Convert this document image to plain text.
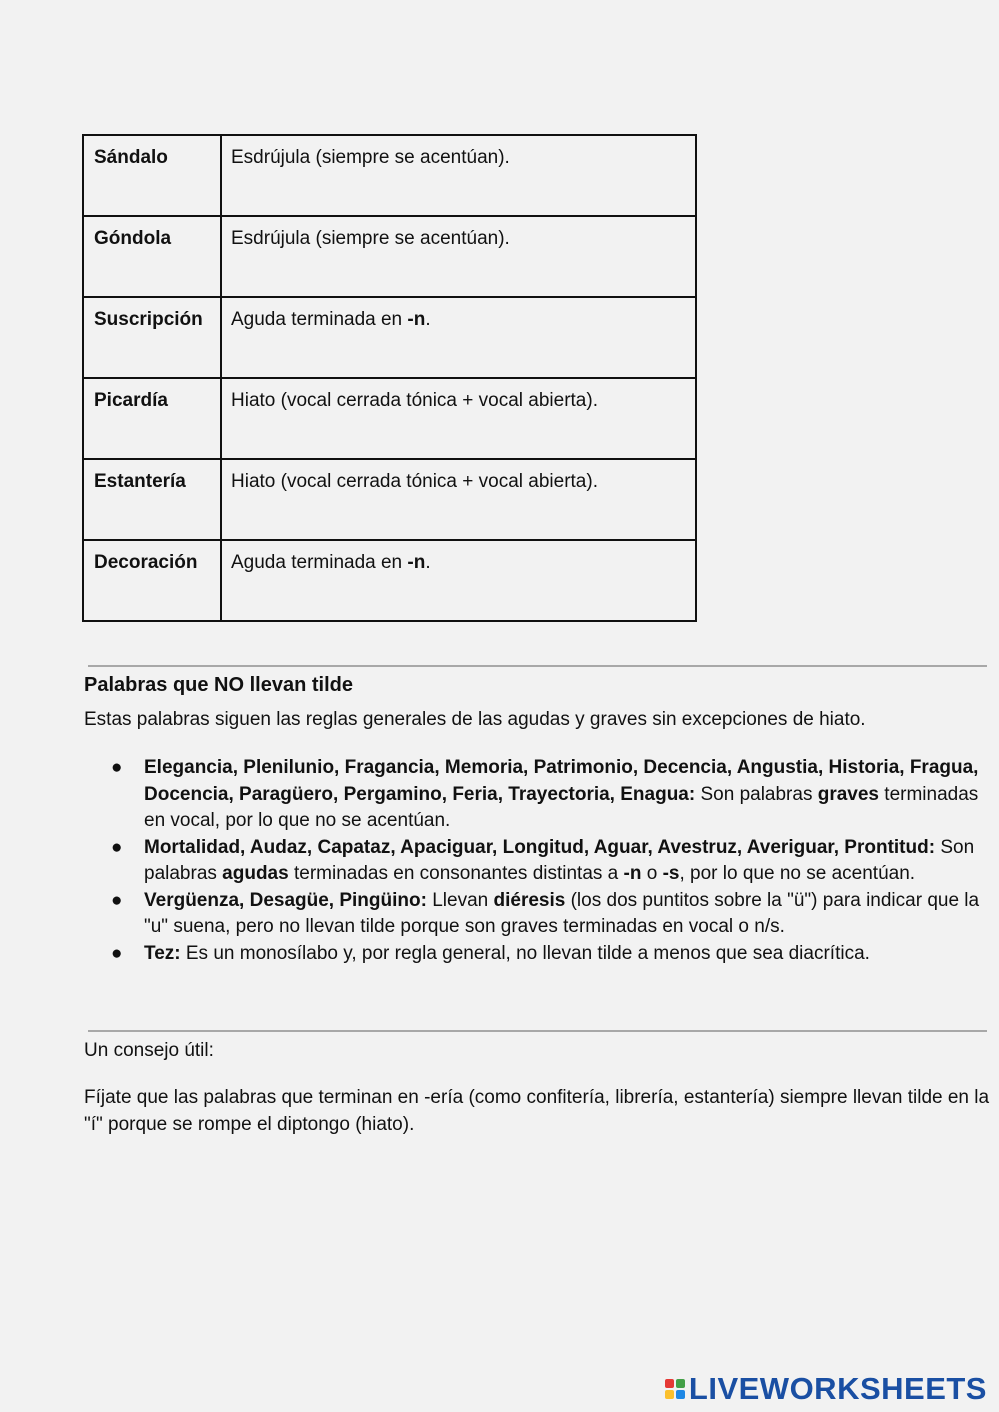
Sándalo	Esdrújula (siempre se acentúan).
Góndola	Esdrújula (siempre se acentúan).
Suscripción	Aguda terminada en -n.
Picardía	Hiato (vocal cerrada tónica + vocal abierta).
Estantería	Hiato (vocal cerrada tónica + vocal abierta).
Decoración	Aguda terminada en -n.
Palabras que NO llevan tilde
Estas palabras siguen las reglas generales de las agudas y graves sin excepciones de hiato.
● Elegancia, Plenilunio, Fragancia, Memoria, Patrimonio, Decencia, Angustia, Historia, Fragua, Docencia, Paragüero, Pergamino, Feria, Trayectoria, Enagua: Son palabras graves terminadas en vocal, por lo que no se acentúan.
● Mortalidad, Audaz, Capataz, Apaciguar, Longitud, Aguar, Avestruz, Averiguar, Prontitud: Son palabras agudas terminadas en consonantes distintas a -n o -s, por lo que no se acentúan.
● Vergüenza, Desagüe, Pingüino: Llevan diéresis (los dos puntitos sobre la "ü") para indicar que la "u" suena, pero no llevan tilde porque son graves terminadas en vocal o n/s.
● Tez: Es un monosílabo y, por regla general, no llevan tilde a menos que sea diacrítica.
Un consejo útil:
Fíjate que las palabras que terminan en -ería (como confitería, librería, estantería) siempre llevan tilde en la "í" porque se rompe el diptongo (hiato).
LIVEWORKSHEETS
